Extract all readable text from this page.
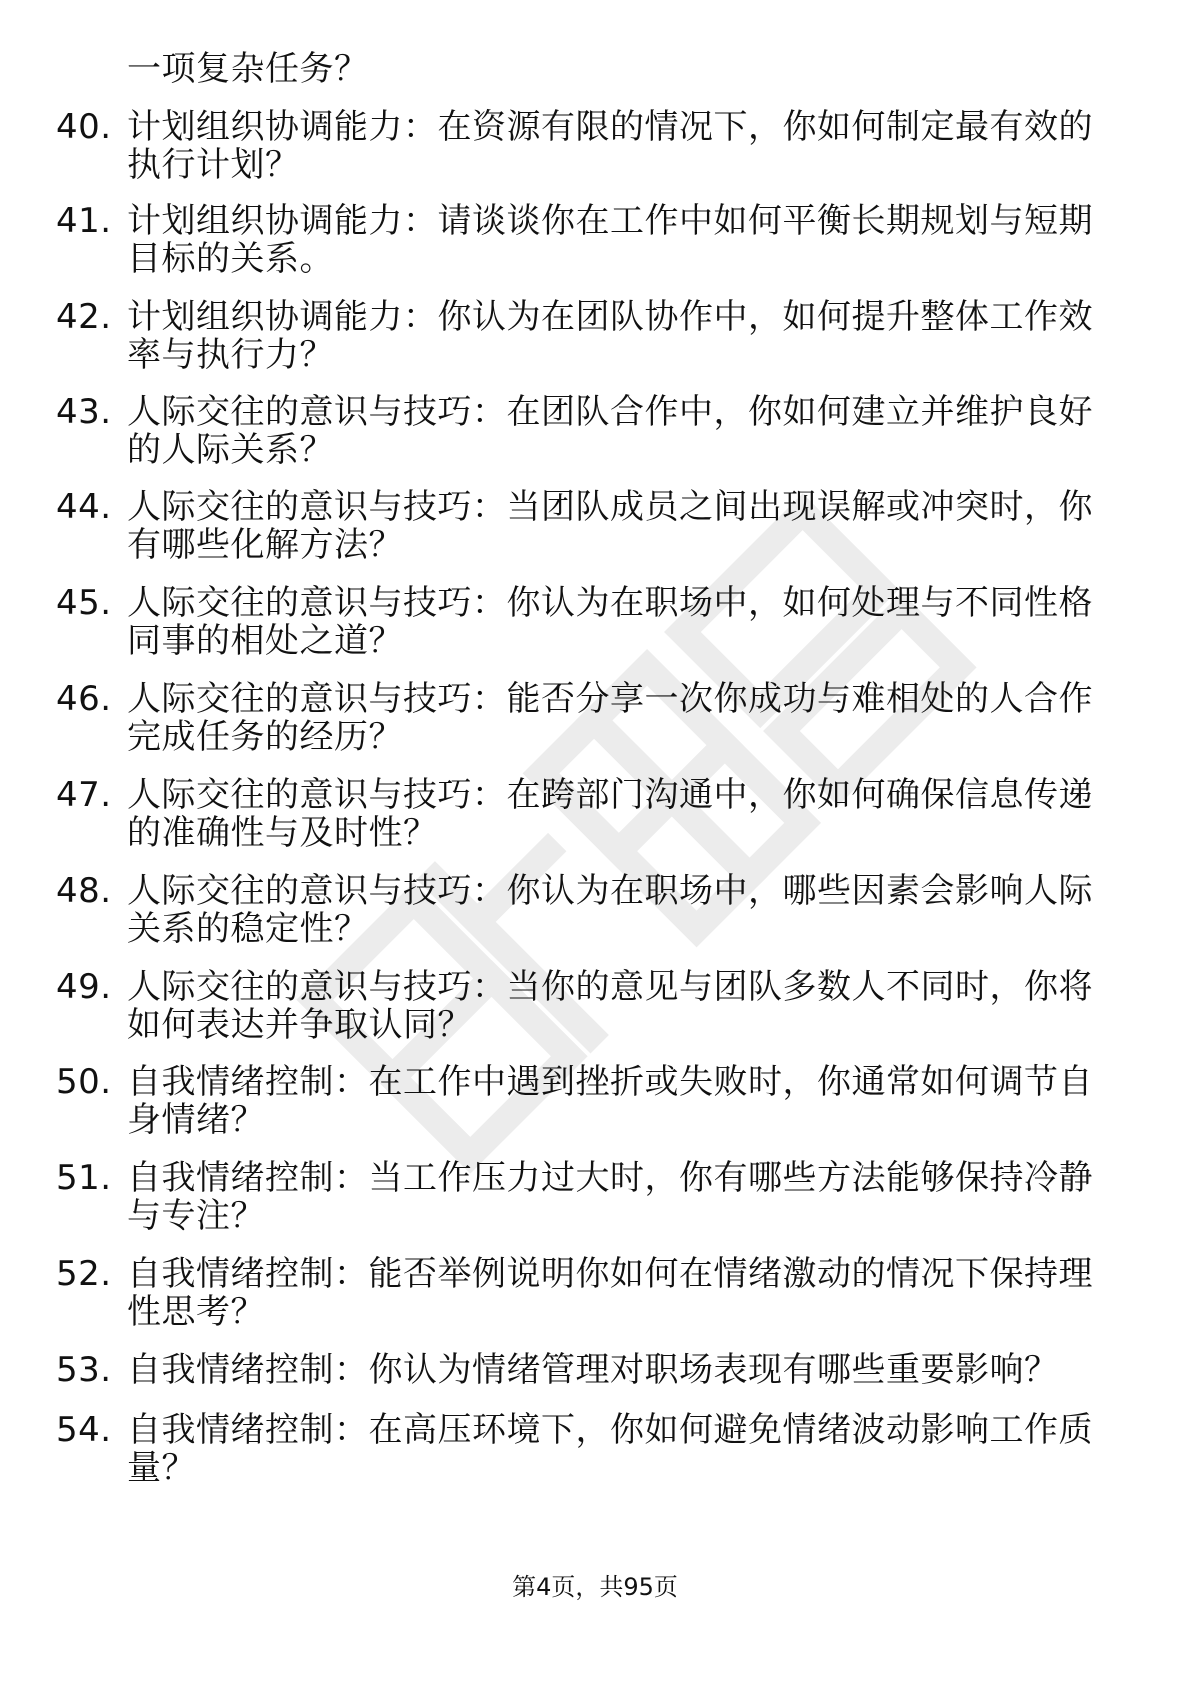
一项复杂任务？
40. 计划组织协调能力：在资源有限的情况下，你如何制定最有效的
执行计划？
41. 计划组织协调能力：请谈谈你在工作中如何平衡长期规划与短期
目标的关系。
42. 计划组织协调能力：你认为在团队协作中，如何提升整体工作效
率与执行力？
43. 人际交往的意识与技巧：在团队合作中，你如何建立并维护良好
的人际关系？
44. 人际交往的意识与技巧：当团队成员之间出现误解或冲突时，你
有哪些化解方法？
45. 人际交往的意识与技巧：你认为在职场中，如何处理与不同性格
同事的相处之道？
46. 人际交往的意识与技巧：能否分享一次你成功与难相处的人合作
完成任务的经历？
47. 人际交往的意识与技巧：在跨部门沟通中，你如何确保信息传递
的准确性与及时性？
48. 人际交往的意识与技巧：你认为在职场中，哪些因素会影响人际
关系的稳定性？
49. 人际交往的意识与技巧：当你的意见与团队多数人不同时，你将
如何表达并争取认同？
50. 自我情绪控制：在工作中遇到挫折或失败时，你通常如何调节自
身情绪？
51. 自我情绪控制：当工作压力过大时，你有哪些方法能够保持冷静
与专注？
52. 自我情绪控制：能否举例说明你如何在情绪激动的情况下保持理
性思考？
53. 自我情绪控制：你认为情绪管理对职场表现有哪些重要影响？
54. 自我情绪控制：在高压环境下，你如何避免情绪波动影响工作质
量？
第4页，共95页
